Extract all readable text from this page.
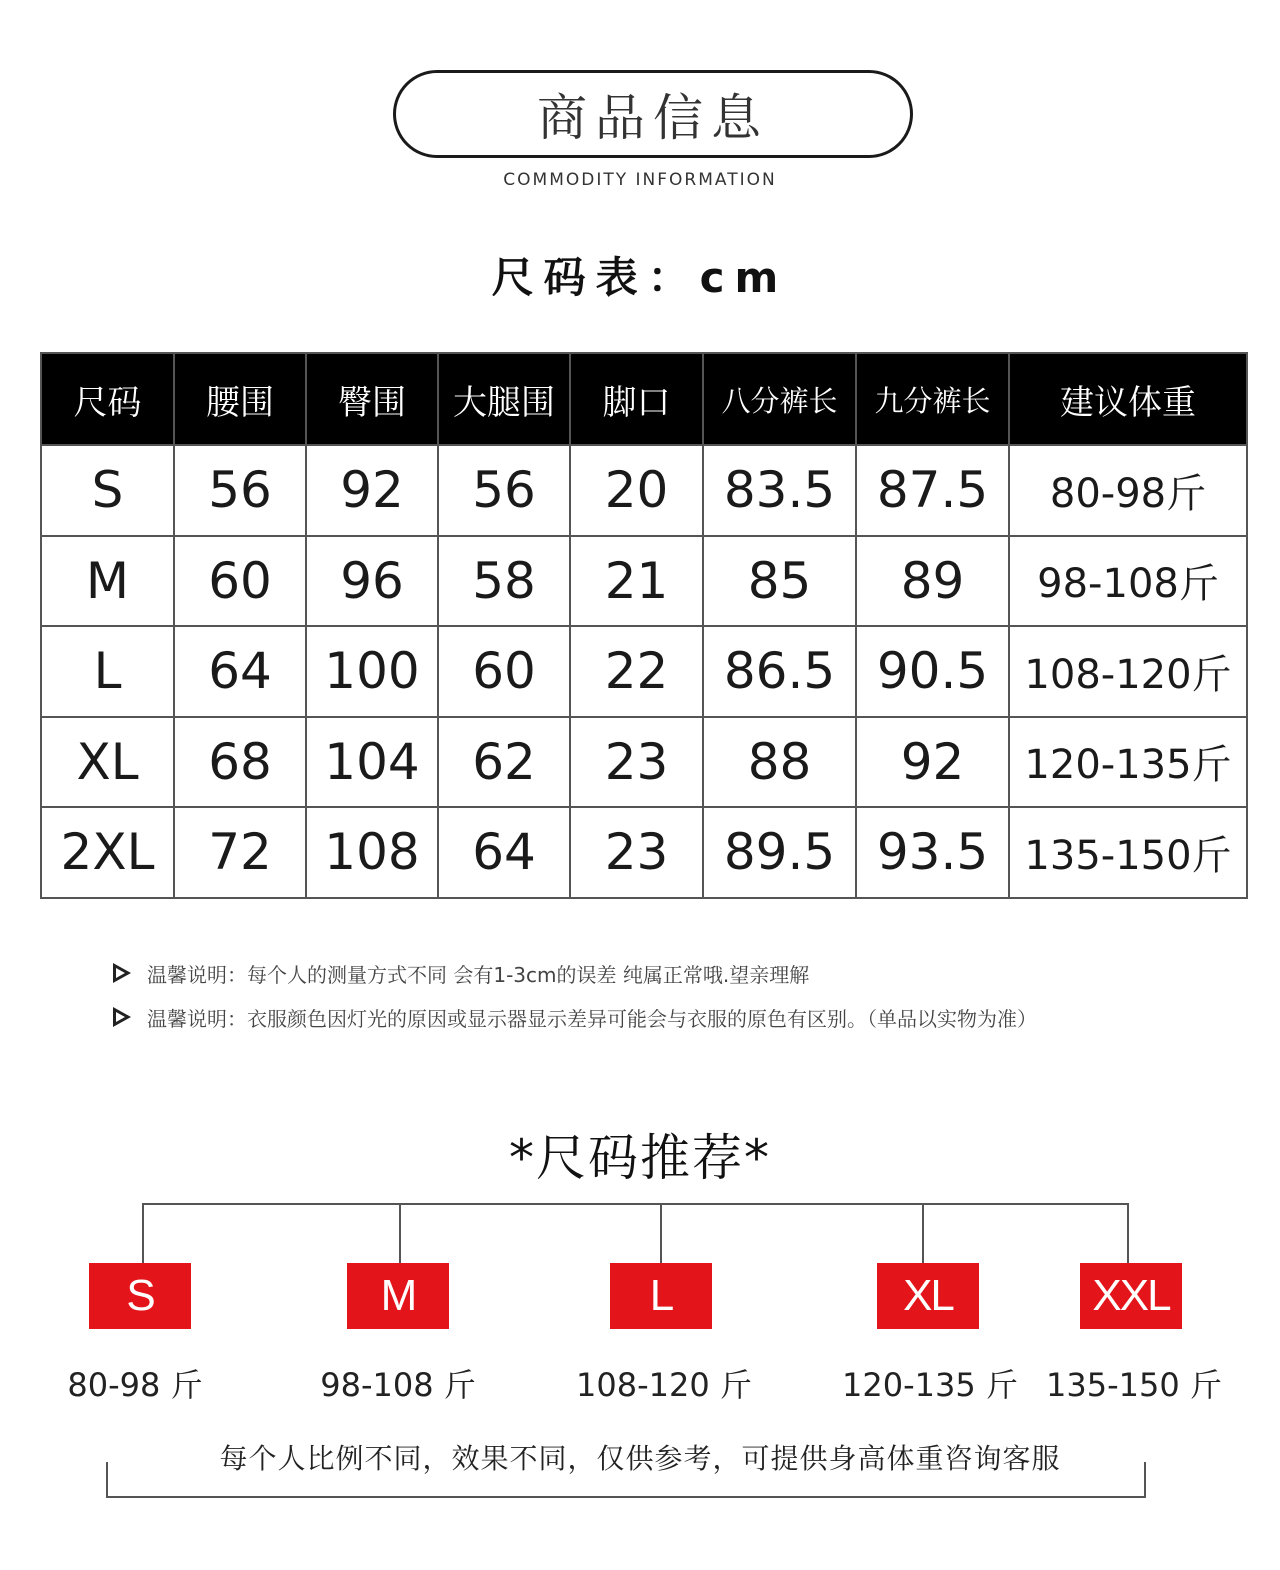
商品信息
COMMODITY INFORMATION
尺码表：cm
尺码	腰围	臀围	大腿围	脚口	八分裤长	九分裤长	建议体重
S	56	92	56	20	83.5	87.5	80-98斤
M	60	96	58	21	85	89	98-108斤
L	64	100	60	22	86.5	90.5	108-120斤
XL	68	104	62	23	88	92	120-135斤
2XL	72	108	64	23	89.5	93.5	135-150斤
温馨说明：每个人的测量方式不同 会有1-3cm的误差 纯属正常哦.望亲理解
温馨说明：衣服颜色因灯光的原因或显示器显示差异可能会与衣服的原色有区别。（单品以实物为准）
*尺码推荐*
S	M	L	XL	XXL
80-98 斤	98-108 斤	108-120 斤	120-135 斤 135-150 斤
每个人比例不同，效果不同，仅供参考，可提供身高体重咨询客服
